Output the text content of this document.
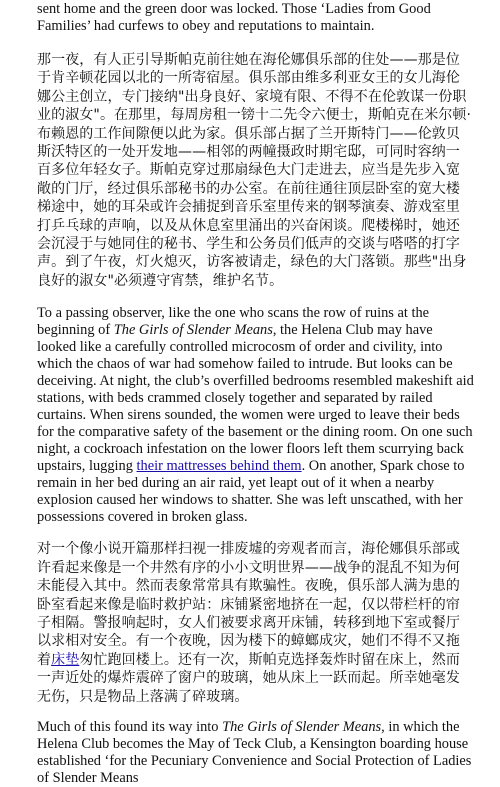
sent home and the green door was locked. Those ‘Ladies from Good Families’ had curfews to obey and reputations to maintain.

那一夜，有人正引导斯帕克前往她在海伦娜俱乐部的住处——那是位于肯辛顿花园以北的一所寄宿屋。俱乐部由维多利亚女王的女儿海伦娜公主创立，专门接纳"出身良好、家境有限、不得不在伦敦谋一份职业的淑女"。在那里，每周房租一镑十二先令六便士，斯帕克在米尔顿·布赖恩的工作间隙便以此为家。俱乐部占据了兰开斯特门——伦敦贝斯沃特区的一处开发地——相邻的两幢摄政时期宅邸，可同时容纳一百多位年轻女子。斯帕克穿过那扇绿色大门走进去，应当是先步入宽敞的门厅，经过俱乐部秘书的办公室。在前往通往顶层卧室的宽大楼梯途中，她的耳朵或许会捕捉到音乐室里传来的钢琴演奏、游戏室里打乒乓球的声响，以及从休息室里涌出的兴奋闲谈。爬楼梯时，她还会沉浸于与她同住的秘书、学生和公务员们低声的交谈与嗒嗒的打字声。到了午夜，灯火熄灭，访客被请走，绿色的大门落锁。那些"出身良好的淑女"必须遵守宵禁，维护名节。

To a passing observer, like the one who scans the row of ruins at the beginning of The Girls of Slender Means, the Helena Club may have looked like a carefully controlled microcosm of order and civility, into which the chaos of war had somehow failed to intrude. But looks can be deceiving. At night, the club’s overfilled bedrooms resembled makeshift aid stations, with beds crammed closely together and separated by railed curtains. When sirens sounded, the women were urged to leave their beds for the comparative safety of the basement or the dining room. On one such night, a cockroach infestation on the lower floors left them scurrying back upstairs, lugging their mattresses behind them. On another, Spark chose to remain in her bed during an air raid, yet leapt out of it when a nearby explosion caused her windows to shatter. She was left unscathed, with her possessions covered in broken glass.

对一个像小说开篇那样扫视一排废墟的旁观者而言，海伦娜俱乐部或许看起来像是一个井然有序的小小文明世界——战争的混乱不知为何未能侵入其中。然而表象常常具有欺骗性。夜晚，俱乐部人满为患的卧室看起来像是临时救护站：床铺紧密地挤在一起，仅以带栏杆的帘子相隔。警报响起时，女人们被要求离开床铺，转移到地下室或餐厅以求相对安全。有一个夜晚，因为楼下的蟑螂成灾，她们不得不又拖着床垫匆忙跑回楼上。还有一次，斯帕克选择轰炸时留在床上，然而一声近处的爆炸震碎了窗户的玻璃，她从床上一跃而起。所幸她毫发无伤，只是物品上落满了碎玻璃。

Much of this found its way into The Girls of Slender Means, in which the Helena Club becomes the May of Teck Club, a Kensington boarding house established ‘for the Pecuniary Convenience and Social Protection of Ladies of Slender Means
